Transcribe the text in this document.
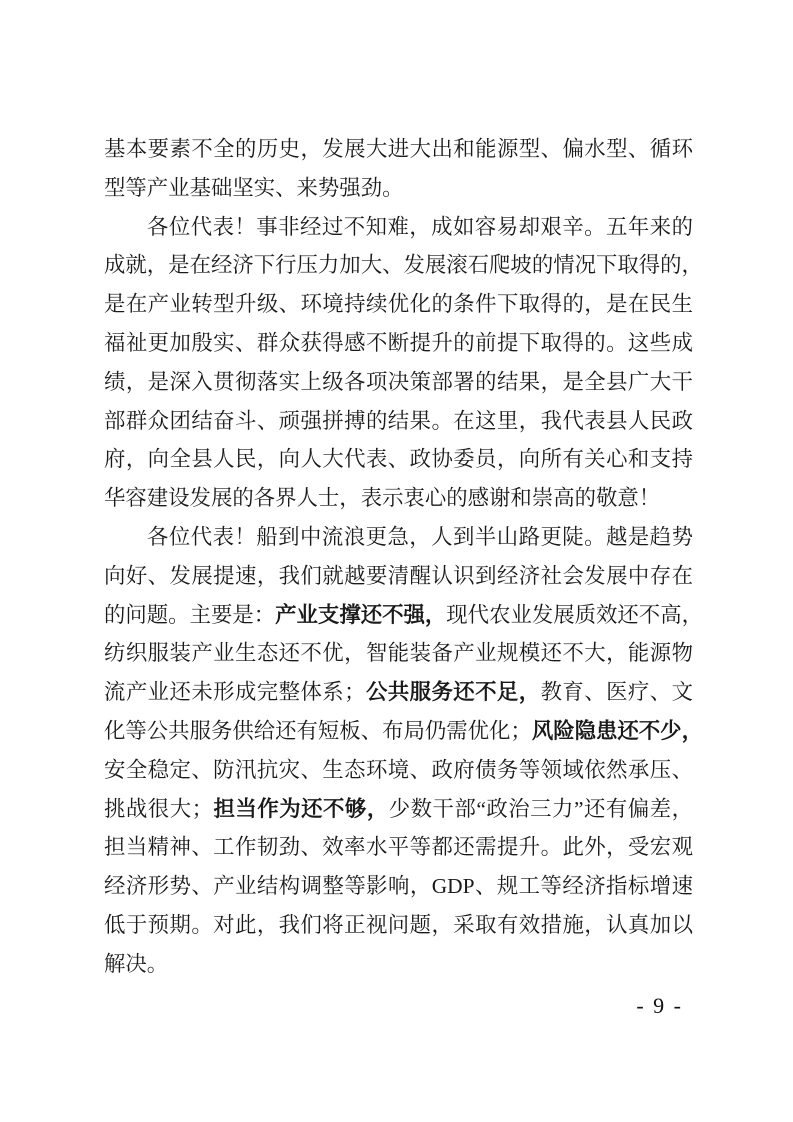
基本要素不全的历史，发展大进大出和能源型、偏水型、循环
型等产业基础坚实、来势强劲。
各位代表！事非经过不知难，成如容易却艰辛。五年来的
成就，是在经济下行压力加大、发展滚石爬坡的情况下取得的，
是在产业转型升级、环境持续优化的条件下取得的，是在民生
福祉更加殷实、群众获得感不断提升的前提下取得的。这些成
绩，是深入贯彻落实上级各项决策部署的结果，是全县广大干
部群众团结奋斗、顽强拼搏的结果。在这里，我代表县人民政
府，向全县人民，向人大代表、政协委员，向所有关心和支持
华容建设发展的各界人士，表示衷心的感谢和崇高的敬意！
各位代表！船到中流浪更急，人到半山路更陡。越是趋势
向好、发展提速，我们就越要清醒认识到经济社会发展中存在
的问题。主要是：产业支撑还不强，现代农业发展质效还不高，
纺织服装产业生态还不优，智能装备产业规模还不大，能源物
流产业还未形成完整体系；公共服务还不足，教育、医疗、文
化等公共服务供给还有短板、布局仍需优化；风险隐患还不少，
安全稳定、防汛抗灾、生态环境、政府债务等领域依然承压、
挑战很大；担当作为还不够，少数干部“政治三力”还有偏差，
担当精神、工作韧劲、效率水平等都还需提升。此外，受宏观
经济形势、产业结构调整等影响，GDP、规工等经济指标增速
低于预期。对此，我们将正视问题，采取有效措施，认真加以
解决。
- 9 -
